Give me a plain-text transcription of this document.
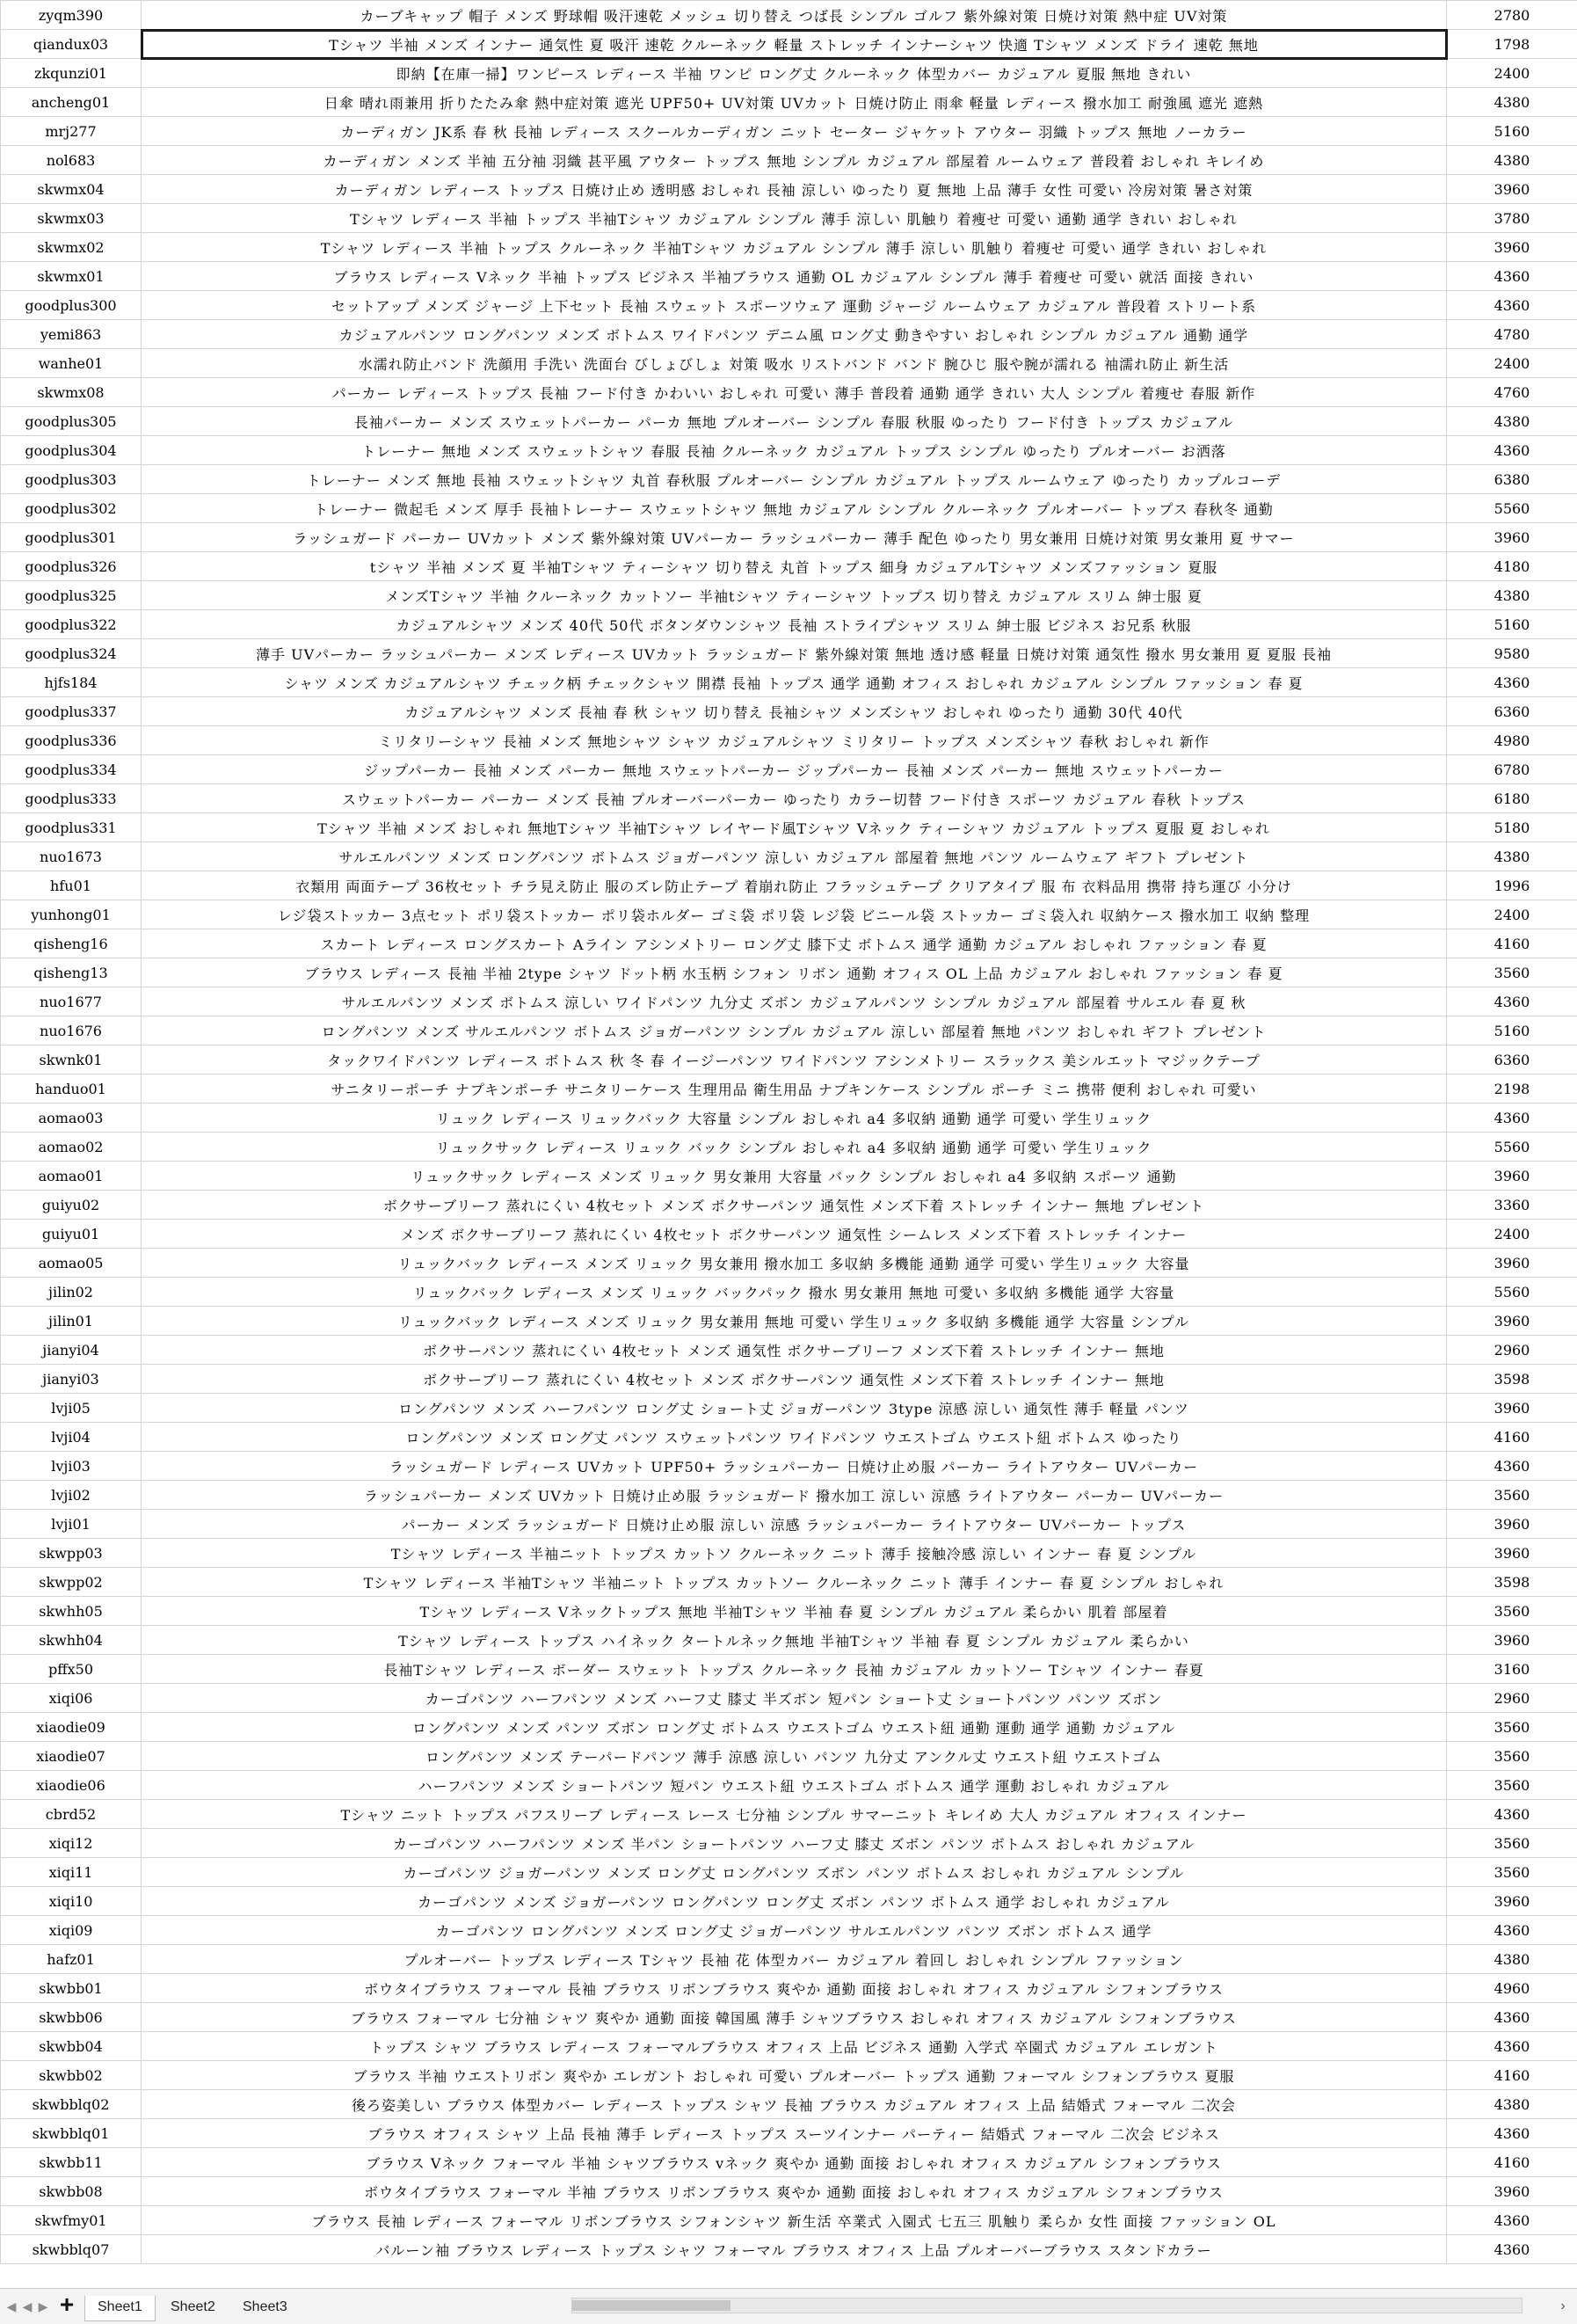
zyqm390	カーブキャップ 帽子 メンズ 野球帽 吸汗速乾 メッシュ 切り替え つば長 シンプル ゴルフ 紫外線対策 日焼け対策 熱中症 UV対策	2780
qiandux03	Tシャツ 半袖 メンズ インナー 通気性 夏 吸汗 速乾 クルーネック 軽量 ストレッチ インナーシャツ 快適 Tシャツ メンズ ドライ 速乾 無地	1798
zkqunzi01	即納【在庫一掃】ワンピース レディース 半袖 ワンピ ロング丈 クルーネック 体型カバー カジュアル 夏服 無地 きれい	2400
ancheng01	日傘 晴れ雨兼用 折りたたみ傘 熱中症対策 遮光 UPF50+ UV対策 UVカット 日焼け防止 雨傘 軽量 レディース 撥水加工 耐強風 遮光 遮熱	4380
mrj277	カーディガン JK系 春 秋 長袖 レディース スクールカーディガン ニット セーター ジャケット アウター 羽織 トップス 無地 ノーカラー	5160
nol683	カーディガン メンズ 半袖 五分袖 羽織 甚平風 アウター トップス 無地 シンプル カジュアル 部屋着 ルームウェア 普段着 おしゃれ キレイめ	4380
skwmx04	カーディガン レディース トップス 日焼け止め 透明感 おしゃれ 長袖 涼しい ゆったり 夏 無地 上品 薄手 女性 可愛い 冷房対策 暑さ対策	3960
skwmx03	Tシャツ レディース 半袖 トップス 半袖Tシャツ カジュアル シンプル 薄手 涼しい 肌触り 着痩せ 可愛い 通勤 通学 きれい おしゃれ	3780
skwmx02	Tシャツ レディース 半袖 トップス クルーネック 半袖Tシャツ カジュアル シンプル 薄手 涼しい 肌触り 着痩せ 可愛い 通学 きれい おしゃれ	3960
skwmx01	ブラウス レディース Vネック 半袖 トップス ビジネス 半袖ブラウス 通勤 OL カジュアル シンプル 薄手 着痩せ 可愛い 就活 面接 きれい	4360
goodplus300	セットアップ メンズ ジャージ 上下セット 長袖 スウェット スポーツウェア 運動 ジャージ ルームウェア カジュアル 普段着 ストリート系	4360
yemi863	カジュアルパンツ ロングパンツ メンズ ボトムス ワイドパンツ デニム風 ロング丈 動きやすい おしゃれ シンプル カジュアル 通勤 通学	4780
wanhe01	水濡れ防止バンド 洗顔用 手洗い 洗面台 びしょびしょ 対策 吸水 リストバンド バンド 腕ひじ 服や腕が濡れる 袖濡れ防止 新生活	2400
skwmx08	パーカー レディース トップス 長袖 フード付き かわいい おしゃれ 可愛い 薄手 普段着 通勤 通学 きれい 大人 シンプル 着痩せ 春服 新作	4760
goodplus305	長袖パーカー メンズ スウェットパーカー パーカ 無地 プルオーバー シンプル 春服 秋服 ゆったり フード付き トップス カジュアル	4380
goodplus304	トレーナー 無地 メンズ スウェットシャツ 春服 長袖 クルーネック カジュアル トップス シンプル ゆったり プルオーバー お洒落	4360
goodplus303	トレーナー メンズ 無地 長袖 スウェットシャツ 丸首 春秋服 プルオーバー シンプル カジュアル トップス ルームウェア ゆったり カップルコーデ	6380
goodplus302	トレーナー 微起毛 メンズ 厚手 長袖トレーナー スウェットシャツ 無地 カジュアル シンプル クルーネック プルオーバー トップス 春秋冬 通勤	5560
goodplus301	ラッシュガード パーカー UVカット メンズ 紫外線対策 UVパーカー ラッシュパーカー 薄手 配色 ゆったり 男女兼用 日焼け対策 男女兼用 夏 サマー	3960
goodplus326	tシャツ 半袖 メンズ 夏 半袖Tシャツ ティーシャツ 切り替え 丸首 トップス 細身 カジュアルTシャツ メンズファッション 夏服	4180
goodplus325	メンズTシャツ 半袖 クルーネック カットソー 半袖tシャツ ティーシャツ トップス 切り替え カジュアル スリム 紳士服 夏	4380
goodplus322	カジュアルシャツ メンズ 40代 50代 ボタンダウンシャツ 長袖 ストライプシャツ スリム 紳士服 ビジネス お兄系 秋服	5160
goodplus324	薄手 UVパーカー ラッシュパーカー メンズ レディース UVカット ラッシュガード 紫外線対策 無地 透け感 軽量 日焼け対策 通気性 撥水 男女兼用 夏 夏服 長袖	9580
hjfs184	シャツ メンズ カジュアルシャツ チェック柄 チェックシャツ 開襟 長袖 トップス 通学 通勤 オフィス おしゃれ カジュアル シンプル ファッション 春 夏	4360
goodplus337	カジュアルシャツ メンズ 長袖 春 秋 シャツ 切り替え 長袖シャツ メンズシャツ おしゃれ ゆったり 通勤 30代 40代	6360
goodplus336	ミリタリーシャツ 長袖 メンズ 無地シャツ シャツ カジュアルシャツ ミリタリー トップス メンズシャツ 春秋 おしゃれ 新作	4980
goodplus334	ジップパーカー 長袖 メンズ パーカー 無地 スウェットパーカー ジップパーカー 長袖 メンズ パーカー 無地 スウェットパーカー	6780
goodplus333	スウェットパーカー パーカー メンズ 長袖 プルオーバーパーカー ゆったり カラー切替 フード付き スポーツ カジュアル 春秋 トップス	6180
goodplus331	Tシャツ 半袖 メンズ おしゃれ 無地Tシャツ 半袖Tシャツ レイヤード風Tシャツ Vネック ティーシャツ カジュアル トップス 夏服 夏 おしゃれ	5180
nuo1673	サルエルパンツ メンズ ロングパンツ ボトムス ジョガーパンツ 涼しい カジュアル 部屋着 無地 パンツ ルームウェア ギフト プレゼント	4380
hfu01	衣類用 両面テープ 36枚セット チラ見え防止 服のズレ防止テープ 着崩れ防止 フラッシュテープ クリアタイプ 服 布 衣料品用 携帯 持ち運び 小分け	1996
yunhong01	レジ袋ストッカー 3点セット ポリ袋ストッカー ポリ袋ホルダー ゴミ袋 ポリ袋 レジ袋 ビニール袋 ストッカー ゴミ袋入れ 収納ケース 撥水加工 収納 整理	2400
qisheng16	スカート レディース ロングスカート Aライン アシンメトリー ロング丈 膝下丈 ボトムス 通学 通勤 カジュアル おしゃれ ファッション 春 夏	4160
qisheng13	ブラウス レディース 長袖 半袖 2type シャツ ドット柄 水玉柄 シフォン リボン 通勤 オフィス OL 上品 カジュアル おしゃれ ファッション 春 夏	3560
nuo1677	サルエルパンツ メンズ ボトムス 涼しい ワイドパンツ 九分丈 ズボン カジュアルパンツ シンプル カジュアル 部屋着 サルエル 春 夏 秋	4360
nuo1676	ロングパンツ メンズ サルエルパンツ ボトムス ジョガーパンツ シンプル カジュアル 涼しい 部屋着 無地 パンツ おしゃれ ギフト プレゼント	5160
skwnk01	タックワイドパンツ レディース ボトムス 秋 冬 春 イージーパンツ ワイドパンツ アシンメトリー スラックス 美シルエット マジックテープ	6360
handuo01	サニタリーポーチ ナプキンポーチ サニタリーケース 生理用品 衛生用品 ナプキンケース シンプル ポーチ ミニ 携帯 便利 おしゃれ 可愛い	2198
aomao03	リュック レディース リュックバック 大容量 シンプル おしゃれ a4 多収納 通勤 通学 可愛い 学生リュック	4360
aomao02	リュックサック レディース リュック バック シンプル おしゃれ a4 多収納 通勤 通学 可愛い 学生リュック	5560
aomao01	リュックサック レディース メンズ リュック 男女兼用 大容量 バック シンプル おしゃれ a4 多収納 スポーツ 通勤	3960
guiyu02	ボクサーブリーフ 蒸れにくい 4枚セット メンズ ボクサーパンツ 通気性 メンズ下着 ストレッチ インナー 無地 プレゼント	3360
guiyu01	メンズ ボクサーブリーフ 蒸れにくい 4枚セット ボクサーパンツ 通気性 シームレス メンズ下着 ストレッチ インナー	2400
aomao05	リュックバック レディース メンズ リュック 男女兼用 撥水加工 多収納 多機能 通勤 通学 可愛い 学生リュック 大容量	3960
jilin02	リュックバック レディース メンズ リュック バックパック 撥水 男女兼用 無地 可愛い 多収納 多機能 通学 大容量	5560
jilin01	リュックバック レディース メンズ リュック 男女兼用 無地 可愛い 学生リュック 多収納 多機能 通学 大容量 シンプル	3960
jianyi04	ボクサーパンツ 蒸れにくい 4枚セット メンズ 通気性 ボクサーブリーフ メンズ下着 ストレッチ インナー 無地	2960
jianyi03	ボクサーブリーフ 蒸れにくい 4枚セット メンズ ボクサーパンツ 通気性 メンズ下着 ストレッチ インナー 無地	3598
lvji05	ロングパンツ メンズ ハーフパンツ ロング丈 ショート丈 ジョガーパンツ 3type 涼感 涼しい 通気性 薄手 軽量 パンツ	3960
lvji04	ロングパンツ メンズ ロング丈 パンツ スウェットパンツ ワイドパンツ ウエストゴム ウエスト紐 ボトムス ゆったり	4160
lvji03	ラッシュガード レディース UVカット UPF50+ ラッシュパーカー 日焼け止め服 パーカー ライトアウター UVパーカー	4360
lvji02	ラッシュパーカー メンズ UVカット 日焼け止め服 ラッシュガード 撥水加工 涼しい 涼感 ライトアウター パーカー UVパーカー	3560
lvji01	パーカー メンズ ラッシュガード 日焼け止め服 涼しい 涼感 ラッシュパーカー ライトアウター UVパーカー トップス	3960
skwpp03	Tシャツ レディース 半袖ニット トップス カットソ クルーネック ニット 薄手 接触冷感 涼しい インナー 春 夏 シンプル	3960
skwpp02	Tシャツ レディース 半袖Tシャツ 半袖ニット トップス カットソー クルーネック ニット 薄手 インナー 春 夏 シンプル おしゃれ	3598
skwhh05	Tシャツ レディース Vネックトップス 無地 半袖Tシャツ 半袖 春 夏 シンプル カジュアル 柔らかい 肌着 部屋着	3560
skwhh04	Tシャツ レディース トップス ハイネック タートルネック無地 半袖Tシャツ 半袖 春 夏 シンプル カジュアル 柔らかい	3960
pffx50	長袖Tシャツ レディース ボーダー スウェット トップス クルーネック 長袖 カジュアル カットソー Tシャツ インナー 春夏	3160
xiqi06	カーゴパンツ ハーフパンツ メンズ ハーフ丈 膝丈 半ズボン 短パン ショート丈 ショートパンツ パンツ ズボン	2960
xiaodie09	ロングパンツ メンズ パンツ ズボン ロング丈 ボトムス ウエストゴム ウエスト紐 通勤 運動 通学 通勤 カジュアル	3560
xiaodie07	ロングパンツ メンズ テーパードパンツ 薄手 涼感 涼しい パンツ 九分丈 アンクル丈 ウエスト紐 ウエストゴム	3560
xiaodie06	ハーフパンツ メンズ ショートパンツ 短パン ウエスト紐 ウエストゴム ボトムス 通学 運動 おしゃれ カジュアル	3560
cbrd52	Tシャツ ニット トップス パフスリーブ レディース レース 七分袖 シンプル サマーニット キレイめ 大人 カジュアル オフィス インナー	4360
xiqi12	カーゴパンツ ハーフパンツ メンズ 半パン ショートパンツ ハーフ丈 膝丈 ズボン パンツ ボトムス おしゃれ カジュアル	3560
xiqi11	カーゴパンツ ジョガーパンツ メンズ ロング丈 ロングパンツ ズボン パンツ ボトムス おしゃれ カジュアル シンプル	3560
xiqi10	カーゴパンツ メンズ ジョガーパンツ ロングパンツ ロング丈 ズボン パンツ ボトムス 通学 おしゃれ カジュアル	3960
xiqi09	カーゴパンツ ロングパンツ メンズ ロング丈 ジョガーパンツ サルエルパンツ パンツ ズボン ボトムス 通学	4360
hafz01	プルオーバー トップス レディース Tシャツ 長袖 花 体型カバー カジュアル 着回し おしゃれ シンプル ファッション	4380
skwbb01	ボウタイブラウス フォーマル 長袖 ブラウス リボンブラウス 爽やか 通勤 面接 おしゃれ オフィス カジュアル シフォンブラウス	4960
skwbb06	ブラウス フォーマル 七分袖 シャツ 爽やか 通勤 面接 韓国風 薄手 シャツブラウス おしゃれ オフィス カジュアル シフォンブラウス	4360
skwbb04	トップス シャツ ブラウス レディース フォーマルブラウス オフィス 上品 ビジネス 通勤 入学式 卒園式 カジュアル エレガント	4360
skwbb02	ブラウス 半袖 ウエストリボン 爽やか エレガント おしゃれ 可愛い プルオーバー トップス 通勤 フォーマル シフォンブラウス 夏服	4160
skwbblq02	後ろ姿美しい ブラウス 体型カバー レディース トップス シャツ 長袖 ブラウス カジュアル オフィス 上品 結婚式 フォーマル 二次会	4380
skwbblq01	ブラウス オフィス シャツ 上品 長袖 薄手 レディース トップス スーツインナー パーティー 結婚式 フォーマル 二次会 ビジネス	4360
skwbb11	ブラウス Vネック フォーマル 半袖 シャツブラウス vネック 爽やか 通勤 面接 おしゃれ オフィス カジュアル シフォンブラウス	4160
skwbb08	ボウタイブラウス フォーマル 半袖 ブラウス リボンブラウス 爽やか 通勤 面接 おしゃれ オフィス カジュアル シフォンブラウス	3960
skwfmy01	ブラウス 長袖 レディース フォーマル リボンブラウス シフォンシャツ 新生活 卒業式 入園式 七五三 肌触り 柔らか 女性 面接 ファッション OL	4360
skwbblq07	バルーン袖 ブラウス レディース トップス シャツ フォーマル ブラウス オフィス 上品 プルオーバーブラウス スタンドカラー	4360
◀ ◀ ▶ +	Sheet1	Sheet2	Sheet3	›
